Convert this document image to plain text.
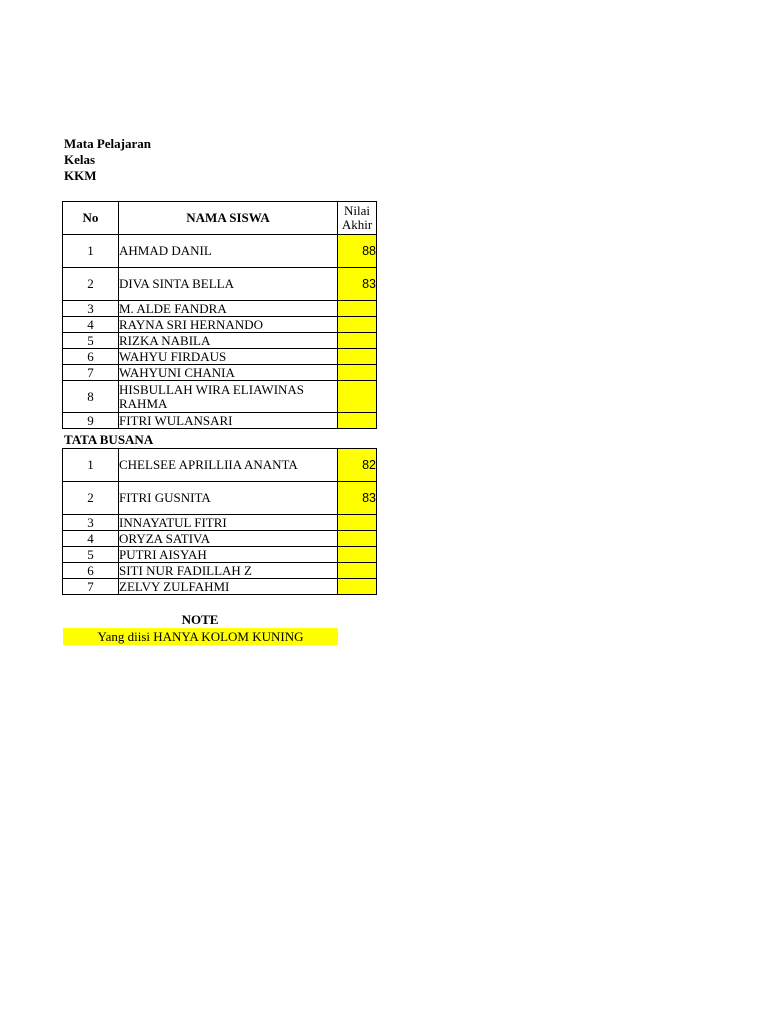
Mata Pelajaran
Kelas
KKM
No	NAMA SISWA	Nilai
Akhir
1	AHMAD DANIL	88
2	DIVA SINTA BELLA	83
3	M. ALDE FANDRA	
4	RAYNA SRI HERNANDO	
5	RIZKA NABILA	
6	WAHYU FIRDAUS	
7	WAHYUNI CHANIA	
8	HISBULLAH WIRA ELIAWINAS RAHMA	
9	FITRI WULANSARI	
TATA BUSANA
1	CHELSEE APRILLIIA ANANTA	82
2	FITRI GUSNITA	83
3	INNAYATUL FITRI	
4	ORYZA SATIVA	
5	PUTRI AISYAH	
6	SITI NUR FADILLAH Z	
7	ZELVY ZULFAHMI	
NOTE
Yang diisi HANYA KOLOM KUNING
